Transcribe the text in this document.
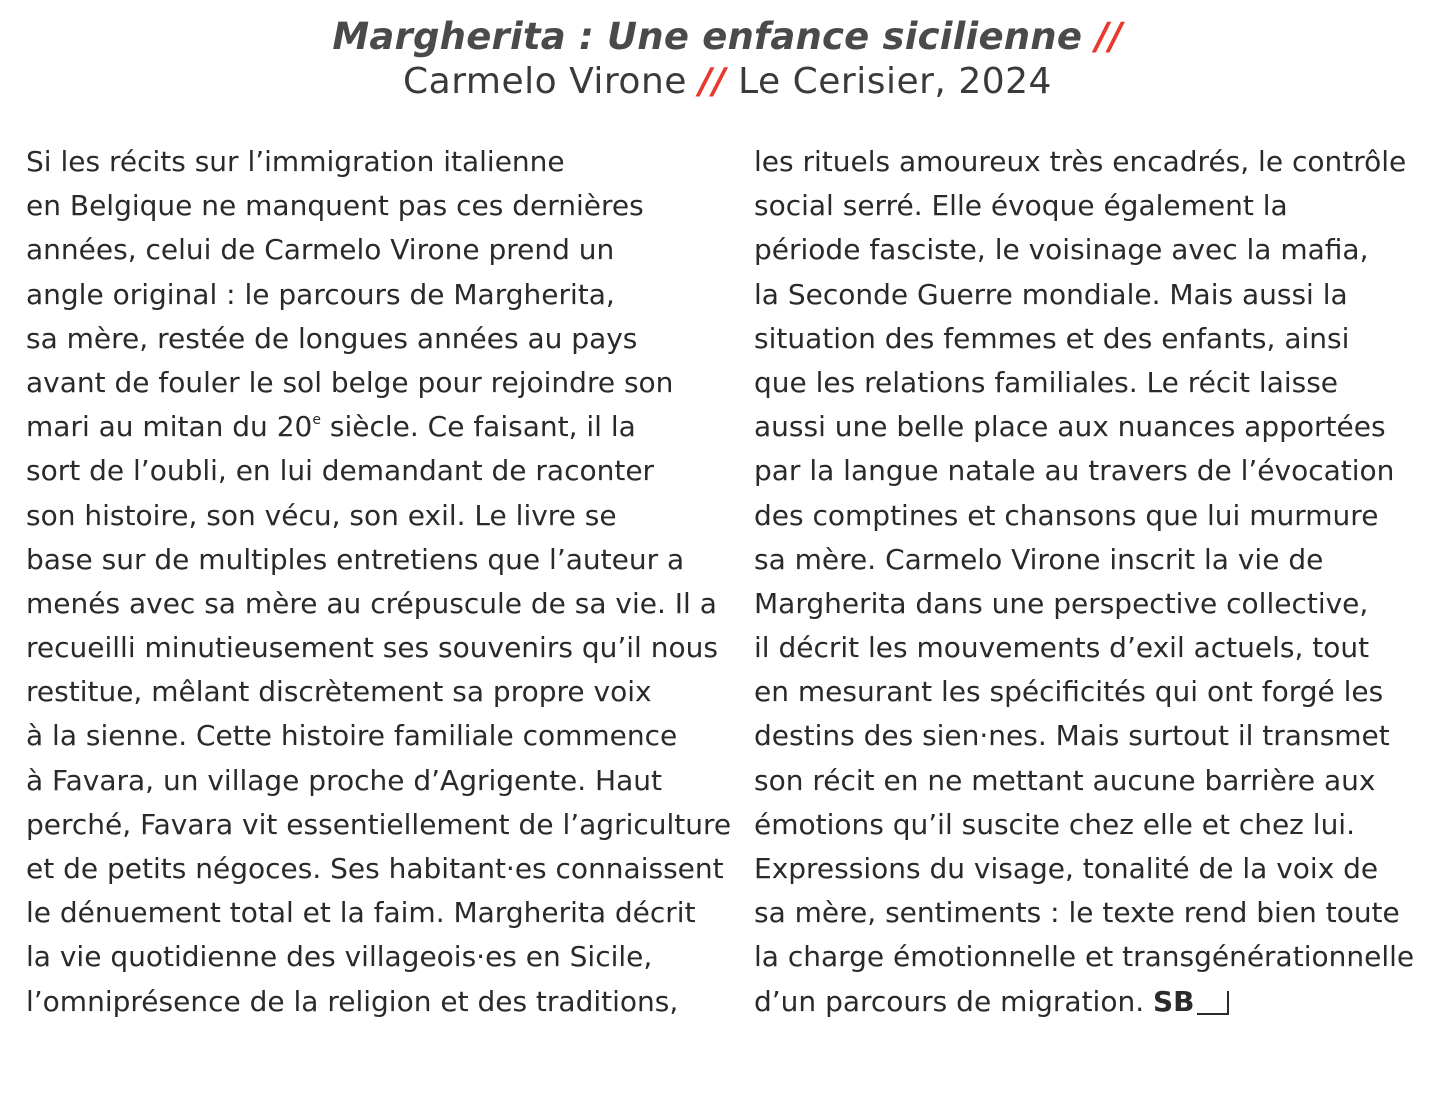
Margherita : Une enfance sicilienne //
Carmelo Virone // Le Cerisier, 2024
Si les récits sur l’immigration italienne
en Belgique ne manquent pas ces dernières
années, celui de Carmelo Virone prend un
angle original : le parcours de Margherita,
sa mère, restée de longues années au pays
avant de fouler le sol belge pour rejoindre son
mari au mitan du 20e siècle. Ce faisant, il la
sort de l’oubli, en lui demandant de raconter
son histoire, son vécu, son exil. Le livre se
base sur de multiples entretiens que l’auteur a
menés avec sa mère au crépuscule de sa vie. Il a
recueilli minutieusement ses souvenirs qu’il nous
restitue, mêlant discrètement sa propre voix
à la sienne. Cette histoire familiale commence
à Favara, un village proche d’Agrigente. Haut
perché, Favara vit essentiellement de l’agriculture
et de petits négoces. Ses habitant·es connaissent
le dénuement total et la faim. Margherita décrit
la vie quotidienne des villageois·es en Sicile,
l’omniprésence de la religion et des traditions,
les rituels amoureux très encadrés, le contrôle
social serré. Elle évoque également la
période fasciste, le voisinage avec la mafia,
la Seconde Guerre mondiale. Mais aussi la
situation des femmes et des enfants, ainsi
que les relations familiales. Le récit laisse
aussi une belle place aux nuances apportées
par la langue natale au travers de l’évocation
des comptines et chansons que lui murmure
sa mère. Carmelo Virone inscrit la vie de
Margherita dans une perspective collective,
il décrit les mouvements d’exil actuels, tout
en mesurant les spécificités qui ont forgé les
destins des sien·nes. Mais surtout il transmet
son récit en ne mettant aucune barrière aux
émotions qu’il suscite chez elle et chez lui.
Expressions du visage, tonalité de la voix de
sa mère, sentiments : le texte rend bien toute
la charge émotionnelle et transgénérationnelle
d’un parcours de migration. SB
